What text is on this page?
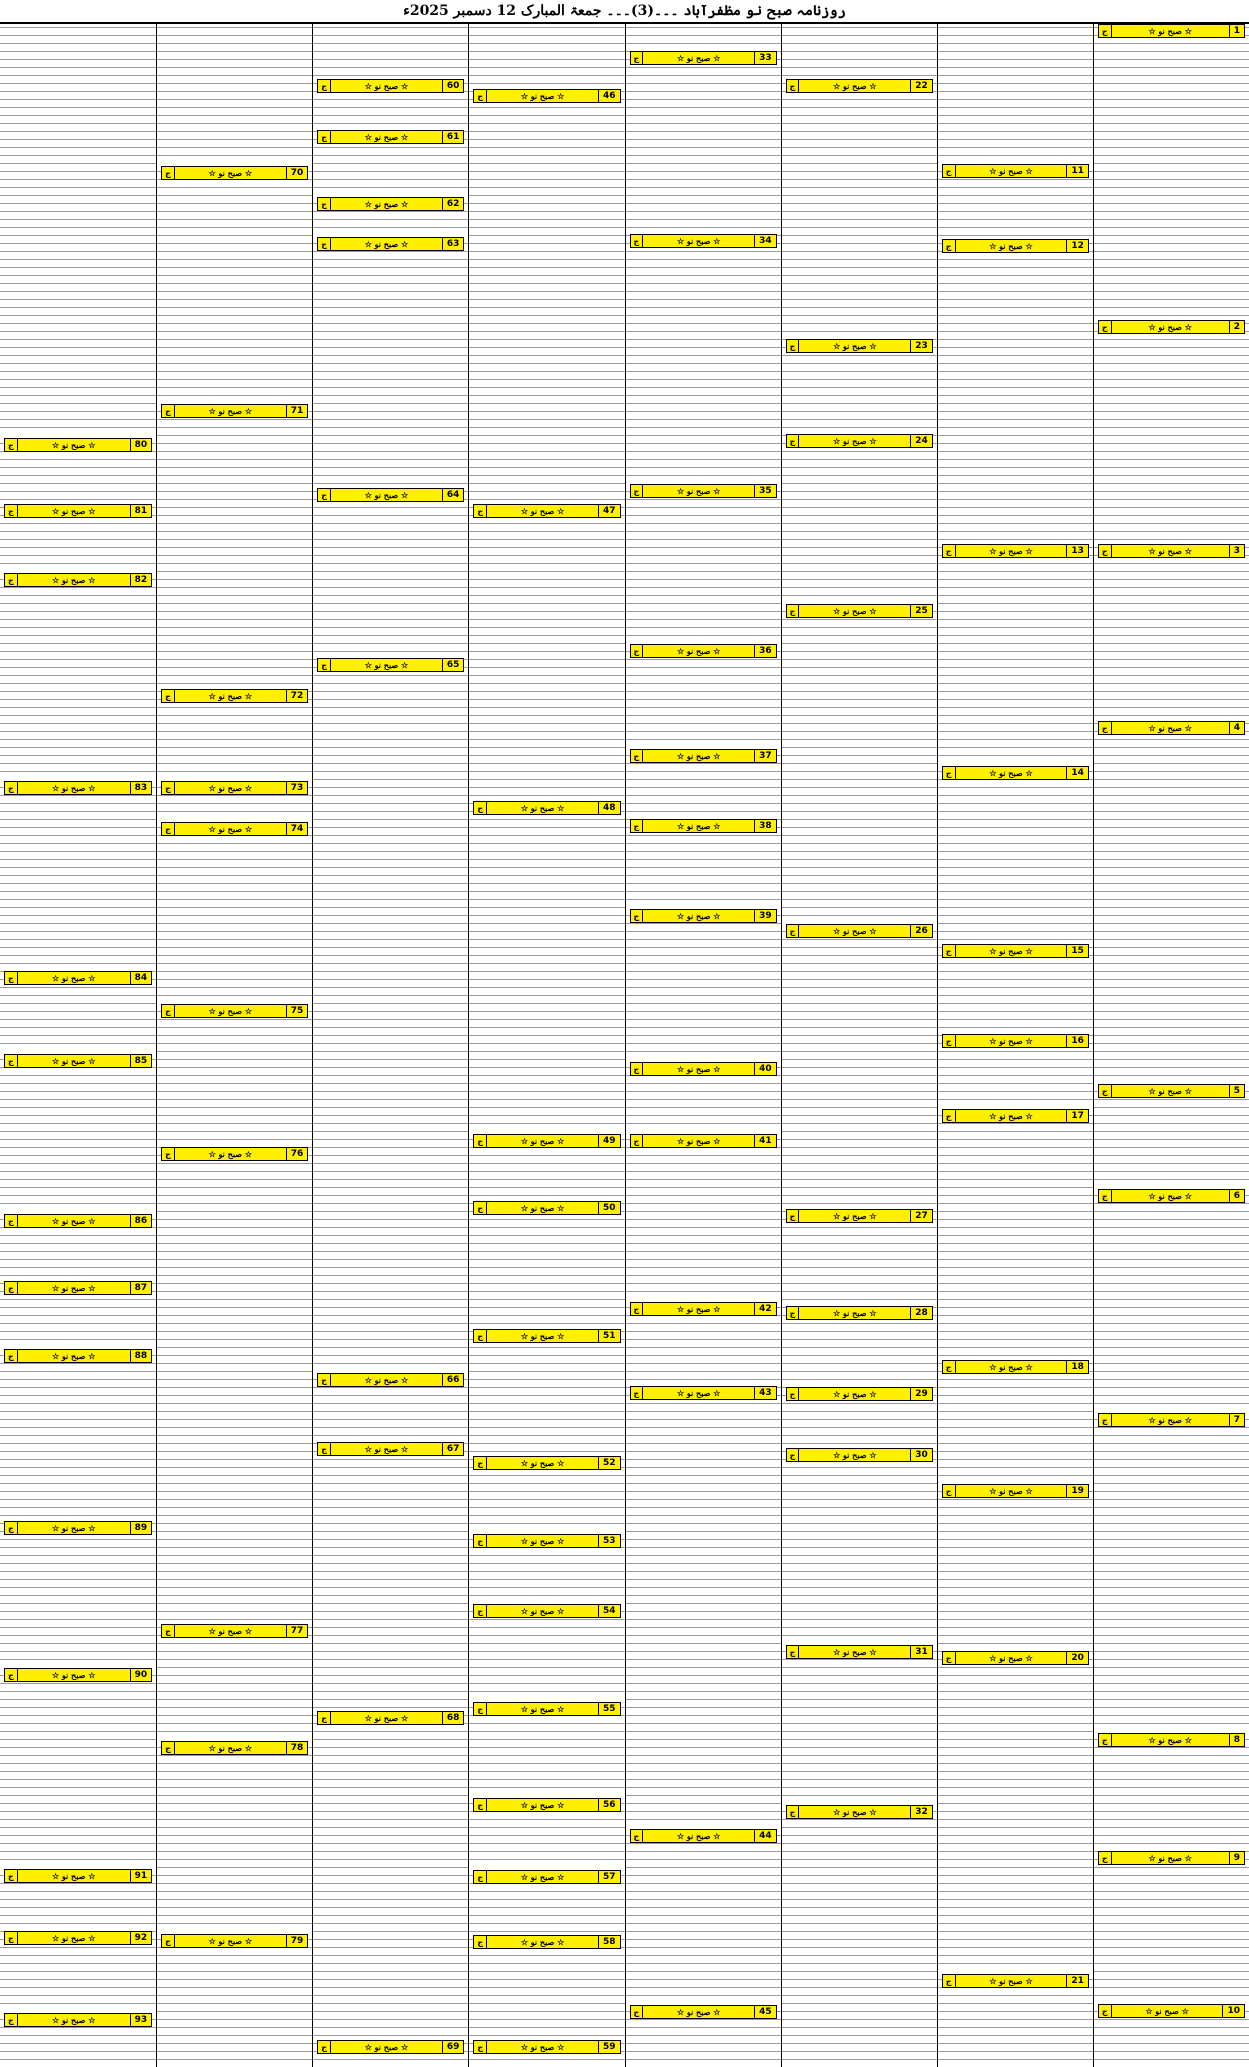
روزنامہ صبح نو مظفرآباد ۔۔۔(3)۔۔۔ جمعۃ المبارک 12 دسمبر 2025ء
1
☆ صبح نو ☆
ج
2
☆ صبح نو ☆
ج
3
☆ صبح نو ☆
ج
4
☆ صبح نو ☆
ج
5
☆ صبح نو ☆
ج
6
☆ صبح نو ☆
ج
7
☆ صبح نو ☆
ج
8
☆ صبح نو ☆
ج
9
☆ صبح نو ☆
ج
10
☆ صبح نو ☆
ج
11
☆ صبح نو ☆
ج
12
☆ صبح نو ☆
ج
13
☆ صبح نو ☆
ج
14
☆ صبح نو ☆
ج
15
☆ صبح نو ☆
ج
16
☆ صبح نو ☆
ج
17
☆ صبح نو ☆
ج
18
☆ صبح نو ☆
ج
19
☆ صبح نو ☆
ج
20
☆ صبح نو ☆
ج
21
☆ صبح نو ☆
ج
22
☆ صبح نو ☆
ج
23
☆ صبح نو ☆
ج
24
☆ صبح نو ☆
ج
25
☆ صبح نو ☆
ج
26
☆ صبح نو ☆
ج
27
☆ صبح نو ☆
ج
28
☆ صبح نو ☆
ج
29
☆ صبح نو ☆
ج
30
☆ صبح نو ☆
ج
31
☆ صبح نو ☆
ج
32
☆ صبح نو ☆
ج
33
☆ صبح نو ☆
ج
34
☆ صبح نو ☆
ج
35
☆ صبح نو ☆
ج
36
☆ صبح نو ☆
ج
37
☆ صبح نو ☆
ج
38
☆ صبح نو ☆
ج
39
☆ صبح نو ☆
ج
40
☆ صبح نو ☆
ج
41
☆ صبح نو ☆
ج
42
☆ صبح نو ☆
ج
43
☆ صبح نو ☆
ج
44
☆ صبح نو ☆
ج
45
☆ صبح نو ☆
ج
46
☆ صبح نو ☆
ج
47
☆ صبح نو ☆
ج
48
☆ صبح نو ☆
ج
49
☆ صبح نو ☆
ج
50
☆ صبح نو ☆
ج
51
☆ صبح نو ☆
ج
52
☆ صبح نو ☆
ج
53
☆ صبح نو ☆
ج
54
☆ صبح نو ☆
ج
55
☆ صبح نو ☆
ج
56
☆ صبح نو ☆
ج
57
☆ صبح نو ☆
ج
58
☆ صبح نو ☆
ج
59
☆ صبح نو ☆
ج
60
☆ صبح نو ☆
ج
61
☆ صبح نو ☆
ج
62
☆ صبح نو ☆
ج
63
☆ صبح نو ☆
ج
64
☆ صبح نو ☆
ج
65
☆ صبح نو ☆
ج
66
☆ صبح نو ☆
ج
67
☆ صبح نو ☆
ج
68
☆ صبح نو ☆
ج
69
☆ صبح نو ☆
ج
70
☆ صبح نو ☆
ج
71
☆ صبح نو ☆
ج
72
☆ صبح نو ☆
ج
73
☆ صبح نو ☆
ج
74
☆ صبح نو ☆
ج
75
☆ صبح نو ☆
ج
76
☆ صبح نو ☆
ج
77
☆ صبح نو ☆
ج
78
☆ صبح نو ☆
ج
79
☆ صبح نو ☆
ج
80
☆ صبح نو ☆
ج
81
☆ صبح نو ☆
ج
82
☆ صبح نو ☆
ج
83
☆ صبح نو ☆
ج
84
☆ صبح نو ☆
ج
85
☆ صبح نو ☆
ج
86
☆ صبح نو ☆
ج
87
☆ صبح نو ☆
ج
88
☆ صبح نو ☆
ج
89
☆ صبح نو ☆
ج
90
☆ صبح نو ☆
ج
91
☆ صبح نو ☆
ج
92
☆ صبح نو ☆
ج
93
☆ صبح نو ☆
ج
